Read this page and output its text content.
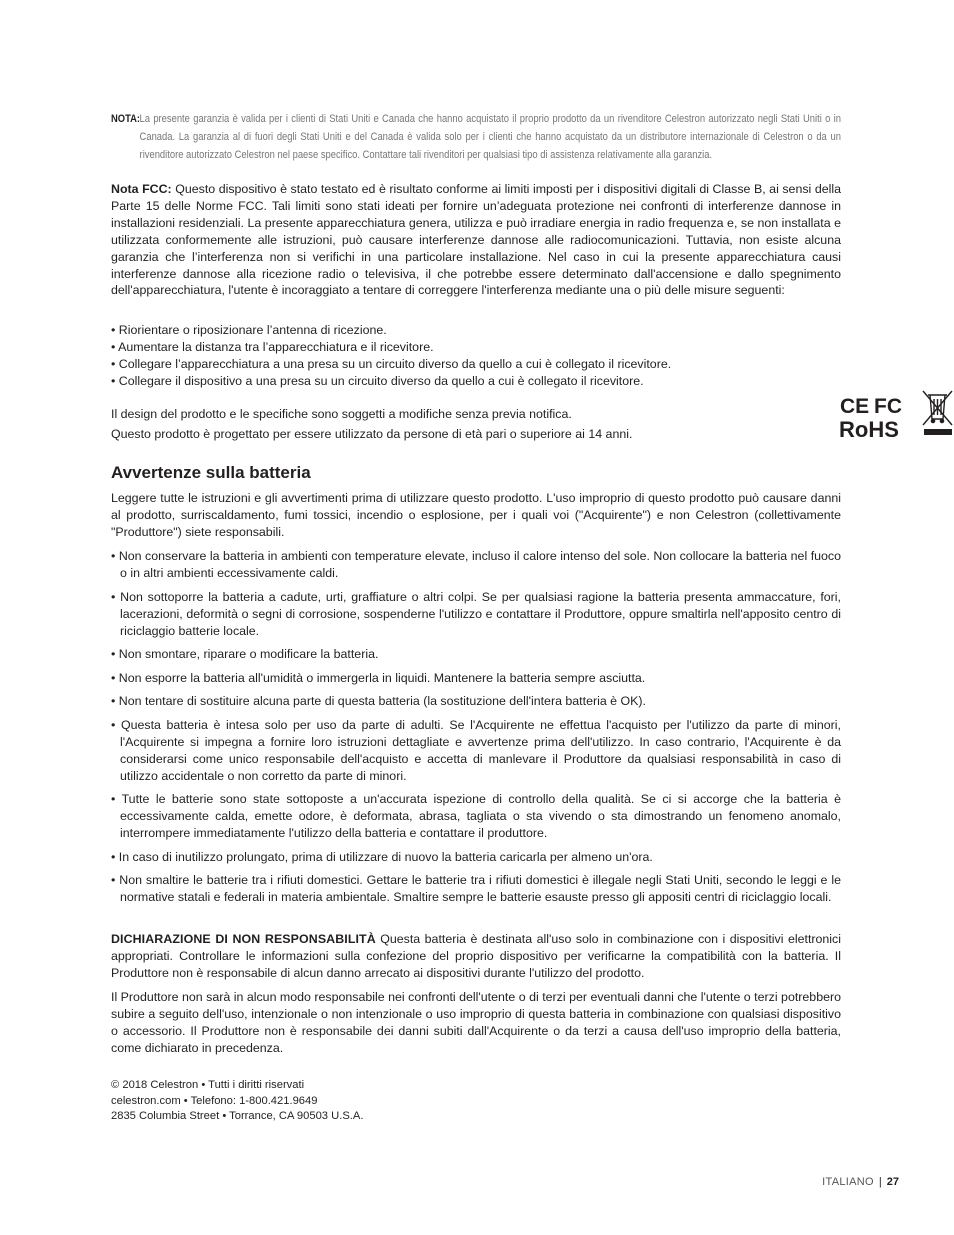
NOTA: La presente garanzia è valida per i clienti di Stati Uniti e Canada che hanno acquistato il proprio prodotto da un rivenditore Celestron autorizzato negli Stati Uniti o in Canada. La garanzia al di fuori degli Stati Uniti e del Canada è valida solo per i clienti che hanno acquistato da un distributore internazionale di Celestron o da un rivenditore autorizzato Celestron nel paese specifico. Contattare tali rivenditori per qualsiasi tipo di assistenza relativamente alla garanzia.

Nota FCC: Questo dispositivo è stato testato ed è risultato conforme ai limiti imposti per i dispositivi digitali di Classe B, ai sensi della Parte 15 delle Norme FCC. Tali limiti sono stati ideati per fornire un’adeguata protezione nei confronti di interferenze dannose in installazioni residenziali. La presente apparecchiatura genera, utilizza e può irradiare energia in radio frequenza e, se non installata e utilizzata conformemente alle istruzioni, può causare interferenze dannose alle radiocomunicazioni. Tuttavia, non esiste alcuna garanzia che l’interferenza non si verifichi in una particolare installazione. Nel caso in cui la presente apparecchiatura causi interferenze dannose alla ricezione radio o televisiva, il che potrebbe essere determinato dall'accensione e dallo spegnimento dell'apparecchiatura, l'utente è incoraggiato a tentare di correggere l'interferenza mediante una o più delle misure seguenti:

• Riorientare o riposizionare l’antenna di ricezione.
• Aumentare la distanza tra l’apparecchiatura e il ricevitore.
• Collegare l’apparecchiatura a una presa su un circuito diverso da quello a cui è collegato il ricevitore.
• Collegare il dispositivo a una presa su un circuito diverso da quello a cui è collegato il ricevitore.

Il design del prodotto e le specifiche sono soggetti a modifiche senza previa notifica.

Questo prodotto è progettato per essere utilizzato da persone di età pari o superiore ai 14 anni.

CE FC
RoHS
Avvertenze sulla batteria

Leggere tutte le istruzioni e gli avvertimenti prima di utilizzare questo prodotto. L'uso improprio di questo prodotto può causare danni al prodotto, surriscaldamento, fumi tossici, incendio o esplosione, per i quali voi ("Acquirente") e non Celestron (collettivamente "Produttore") siete responsabili.

• Non conservare la batteria in ambienti con temperature elevate, incluso il calore intenso del sole. Non collocare la batteria nel fuoco o in altri ambienti eccessivamente caldi.
• Non sottoporre la batteria a cadute, urti, graffiature o altri colpi. Se per qualsiasi ragione la batteria presenta ammaccature, fori, lacerazioni, deformità o segni di corrosione, sospenderne l'utilizzo e contattare il Produttore, oppure smaltirla nell'apposito centro di riciclaggio batterie locale.
• Non smontare, riparare o modificare la batteria.
• Non esporre la batteria all'umidità o immergerla in liquidi. Mantenere la batteria sempre asciutta.
• Non tentare di sostituire alcuna parte di questa batteria (la sostituzione dell'intera batteria è OK).
• Questa batteria è intesa solo per uso da parte di adulti. Se l'Acquirente ne effettua l'acquisto per l'utilizzo da parte di minori, l'Acquirente si impegna a fornire loro istruzioni dettagliate e avvertenze prima dell'utilizzo. In caso contrario, l'Acquirente è da considerarsi come unico responsabile dell'acquisto e accetta di manlevare il Produttore da qualsiasi responsabilità in caso di utilizzo accidentale o non corretto da parte di minori.
• Tutte le batterie sono state sottoposte a un'accurata ispezione di controllo della qualità. Se ci si accorge che la batteria è eccessivamente calda, emette odore, è deformata, abrasa, tagliata o sta vivendo o sta dimostrando un fenomeno anomalo, interrompere immediatamente l'utilizzo della batteria e contattare il produttore.
• In caso di inutilizzo prolungato, prima di utilizzare di nuovo la batteria caricarla per almeno un'ora.
• Non smaltire le batterie tra i rifiuti domestici. Gettare le batterie tra i rifiuti domestici è illegale negli Stati Uniti, secondo le leggi e le normative statali e federali in materia ambientale. Smaltire sempre le batterie esauste presso gli appositi centri di riciclaggio locali.

DICHIARAZIONE DI NON RESPONSABILITÀ Questa batteria è destinata all'uso solo in combinazione con i dispositivi elettronici appropriati. Controllare le informazioni sulla confezione del proprio dispositivo per verificarne la compatibilità con la batteria. Il Produttore non è responsabile di alcun danno arrecato ai dispositivi durante l'utilizzo del prodotto.

Il Produttore non sarà in alcun modo responsabile nei confronti dell'utente o di terzi per eventuali danni che l'utente o terzi potrebbero subire a seguito dell'uso, intenzionale o non intenzionale o uso improprio di questa batteria in combinazione con qualsiasi dispositivo o accessorio. Il Produttore non è responsabile dei danni subiti dall'Acquirente o da terzi a causa dell'uso improprio della batteria, come dichiarato in precedenza.

© 2018 Celestron • Tutti i diritti riservati

celestron.com • Telefono: 1-800.421.9649

2835 Columbia Street • Torrance, CA 90503 U.S.A.

ITALIANO | 27
